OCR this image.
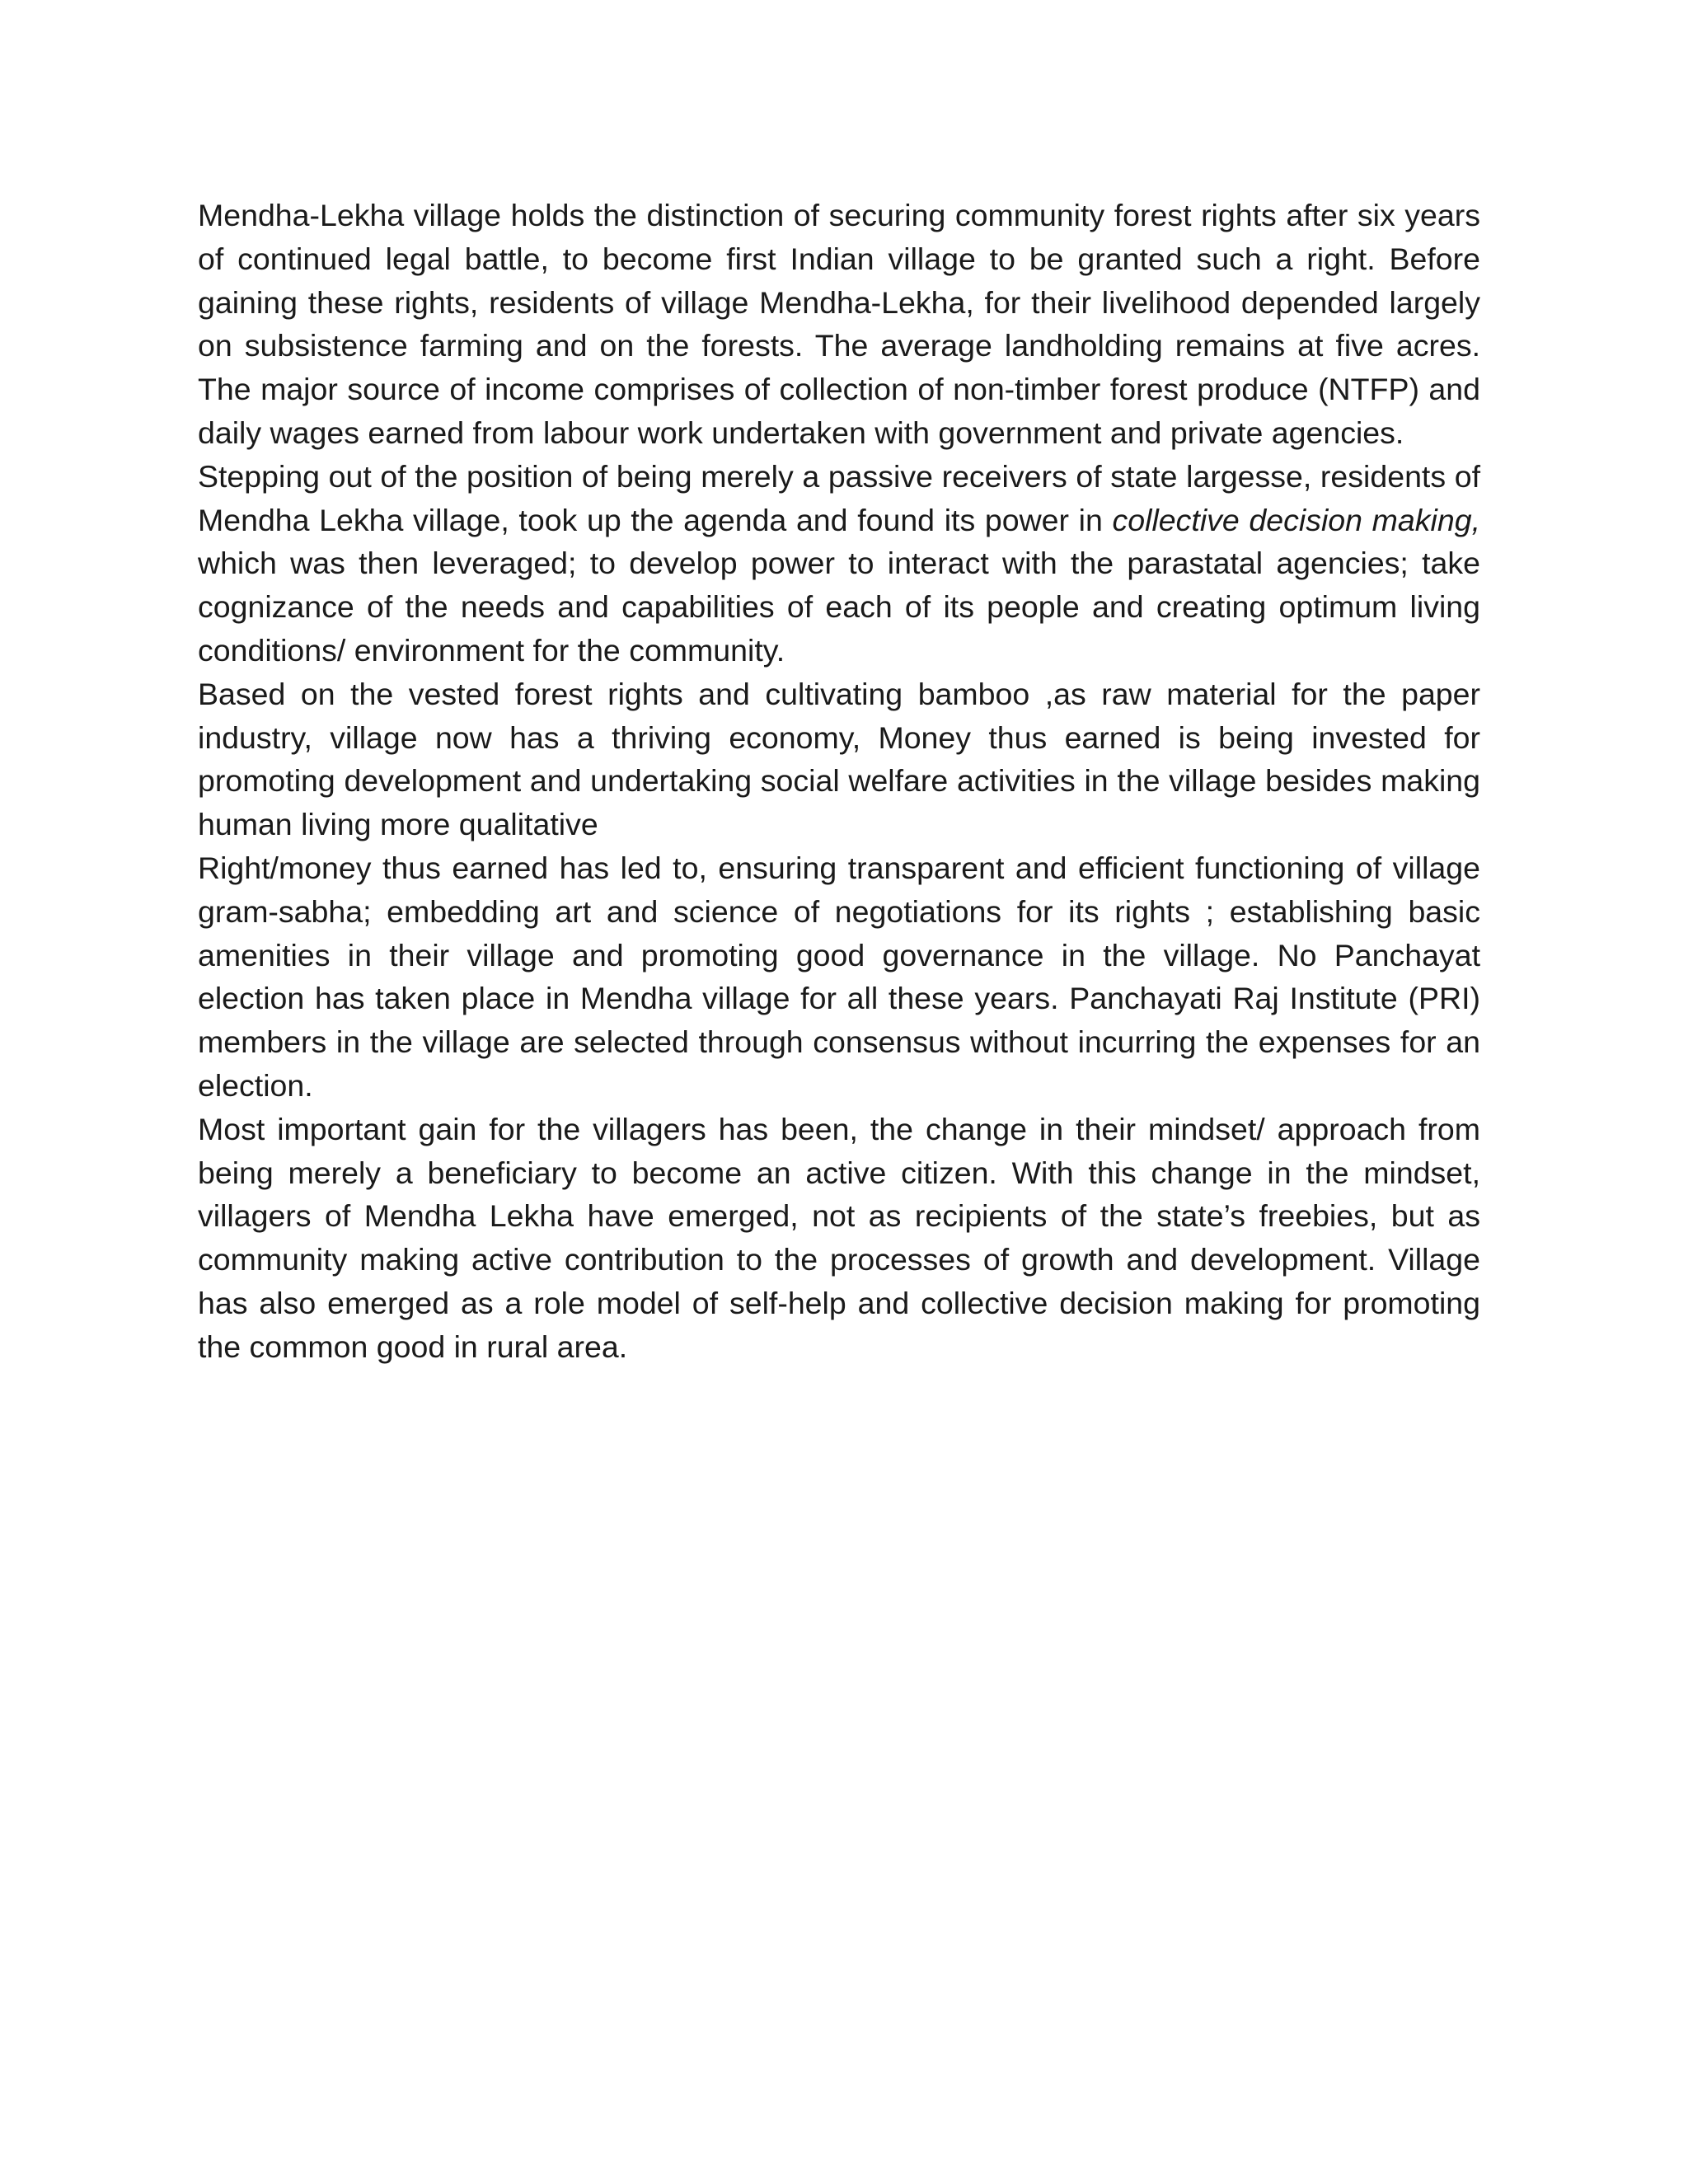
Mendha-Lekha village holds the distinction of securing community forest rights after six years of continued legal battle, to become first Indian village to be granted such a right. Before gaining these rights, residents of village Mendha-Lekha, for their livelihood depended largely on subsistence farming and on the forests. The average landholding remains at five acres. The major source of income comprises of collection of non-timber forest produce (NTFP) and daily wages earned from labour work undertaken with government and private agencies.

Stepping out of the position of being merely a passive receivers of state largesse, residents of Mendha Lekha village, took up the agenda and found its power in collective decision making, which was then leveraged; to develop power to interact with the parastatal agencies; take cognizance of the needs and capabilities of each of its people and creating optimum living conditions/ environment for the community.

Based on the vested forest rights and cultivating bamboo ,as raw material for the paper industry, village now has a thriving economy, Money thus earned is being invested for promoting development and undertaking social welfare activities in the village besides making human living more qualitative

Right/money thus earned has led to, ensuring transparent and efficient functioning of village gram-sabha; embedding art and science of negotiations for its rights ; establishing basic amenities in their village and promoting good governance in the village. No Panchayat election has taken place in Mendha village for all these years. Panchayati Raj Institute (PRI) members in the village are selected through consensus without incurring the expenses for an election.

Most important gain for the villagers has been, the change in their mindset/ approach from being merely a beneficiary to become an active citizen. With this change in the mindset, villagers of Mendha Lekha have emerged, not as recipients of the state’s freebies, but as community making active contribution to the processes of growth and development. Village has also emerged as a role model of self-help and collective decision making for promoting the common good in rural area.
